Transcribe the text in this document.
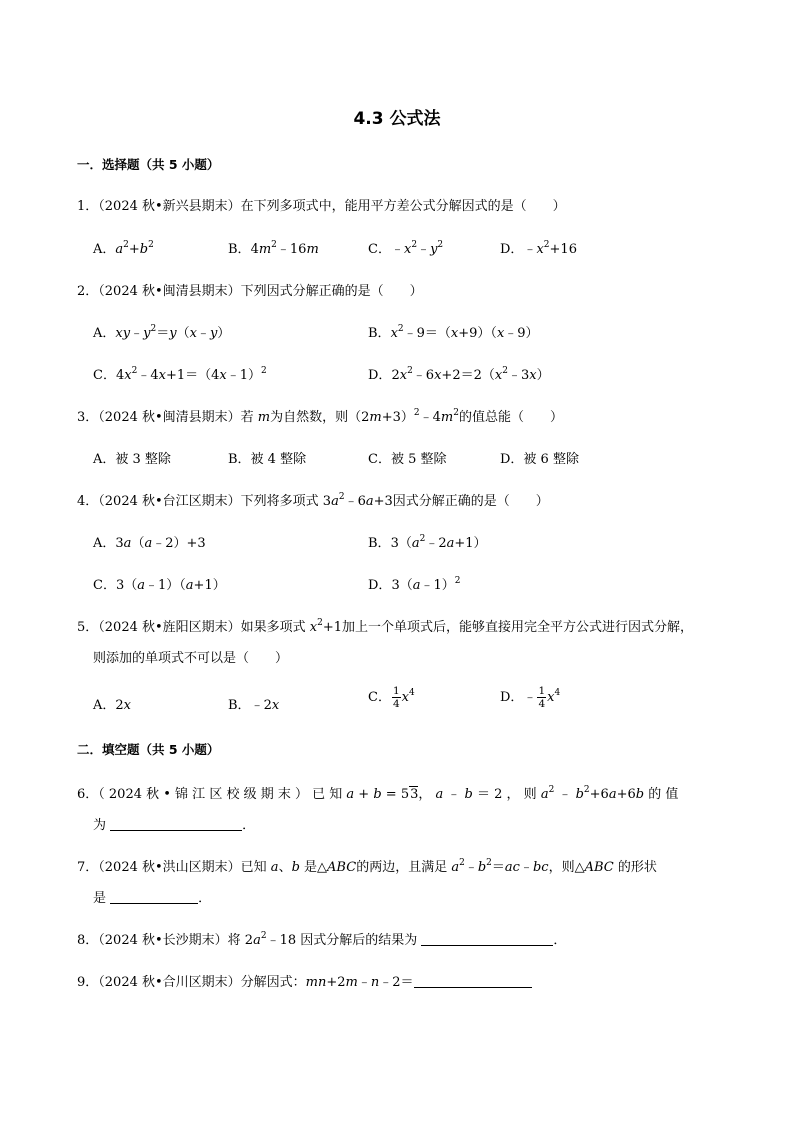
4.3 公式法
一．选择题（共 5 小题）
1．（2024 秋•新兴县期末）在下列多项式中，能用平方差公式分解因式的是（　　）
A．$a^2+b^2$	B．$4m^2﹣16m$	C．$﹣x^2﹣y^2$	D．$﹣x^2+16$
2．（2024 秋•闽清县期末）下列因式分解正确的是（　　）
A．$xy﹣y^2=y(x﹣y)$	B．$x^2﹣9=(x+9)(x﹣9)$
C．$4x^2﹣4x+1=(4x﹣1)^2$	D．$2x^2﹣6x+2=2(x^2﹣3x)$
3．（2024 秋•闽清县期末）若 m为自然数，则$(2m+3)^2﹣4m^2$的值总能（　　）
A．被 3 整除	B．被 4 整除	C．被 5 整除	D．被 6 整除
4．（2024 秋•台江区期末）下列将多项式 $3a^2﹣6a+3$因式分解正确的是（　　）
A．3a（a﹣2）+3	B．$3(a^2﹣2a+1)$
C．3（a﹣1）（a+1）	D．3（a﹣1）$^2$
5．（2024 秋•旌阳区期末）如果多项式 $x^2+1$加上一个单项式后，能够直接用完全平方公式进行因式分解，
则添加的单项式不可以是（　　）
A．2x	B．﹣2x
C． $\frac{1}{4} x^4$	D．﹣ $\frac{1}{4} x^4$
二．填空题（共 5 小题）
6．（ 2024 秋 • 锦 江 区 校 级 期 末 ） 已 知 a + b = 53， a ﹣ b ＝ 2 ， 则 $a^2$ ﹣ $b^2+6a+6b$ 的 值
为	．
7．（2024 秋•洪山区期末）已知 a、b 是△ABC的两边，且满足 $a^2﹣b^2=ac﹣bc$，则△ABC 的形状
是	．
8．（2024 秋•长沙期末）将 $2a^2﹣18$ 因式分解后的结果为	．
9．（2024 秋•合川区期末）分解因式：mn+2m﹣n﹣2＝
